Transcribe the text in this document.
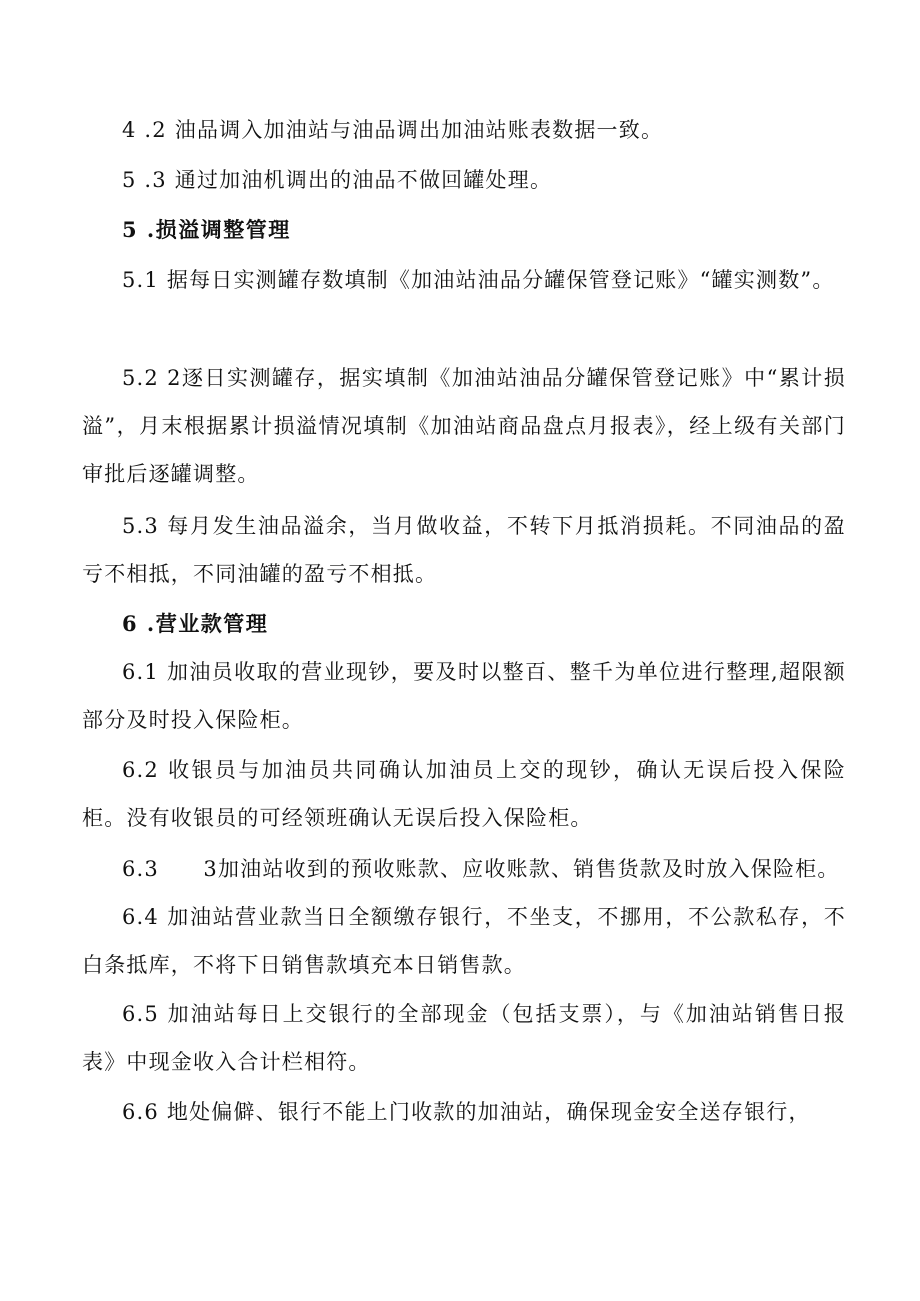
4 .2 油品调入加油站与油品调出加油站账表数据一致。

5 .3 通过加油机调出的油品不做回罐处理。

5 .损溢调整管理

5.1 据每日实测罐存数填制《加油站油品分罐保管登记账》“罐实测数”。

5.2 2逐日实测罐存，据实填制《加油站油品分罐保管登记账》中“累计损溢”，月末根据累计损溢情况填制《加油站商品盘点月报表》，经上级有关部门审批后逐罐调整。

5.3 每月发生油品溢余，当月做收益，不转下月抵消损耗。不同油品的盈亏不相抵，不同油罐的盈亏不相抵。

6 .营业款管理

6.1 加油员收取的营业现钞，要及时以整百、整千为单位进行整理,超限额部分及时投入保险柜。

6.2 收银员与加油员共同确认加油员上交的现钞，确认无误后投入保险柜。没有收银员的可经领班确认无误后投入保险柜。

6.3　　3加油站收到的预收账款、应收账款、销售货款及时放入保险柜。

6.4 加油站营业款当日全额缴存银行，不坐支，不挪用，不公款私存，不白条抵库，不将下日销售款填充本日销售款。

6.5 加油站每日上交银行的全部现金（包括支票），与《加油站销售日报表》中现金收入合计栏相符。

6.6 地处偏僻、银行不能上门收款的加油站，确保现金安全送存银行，
